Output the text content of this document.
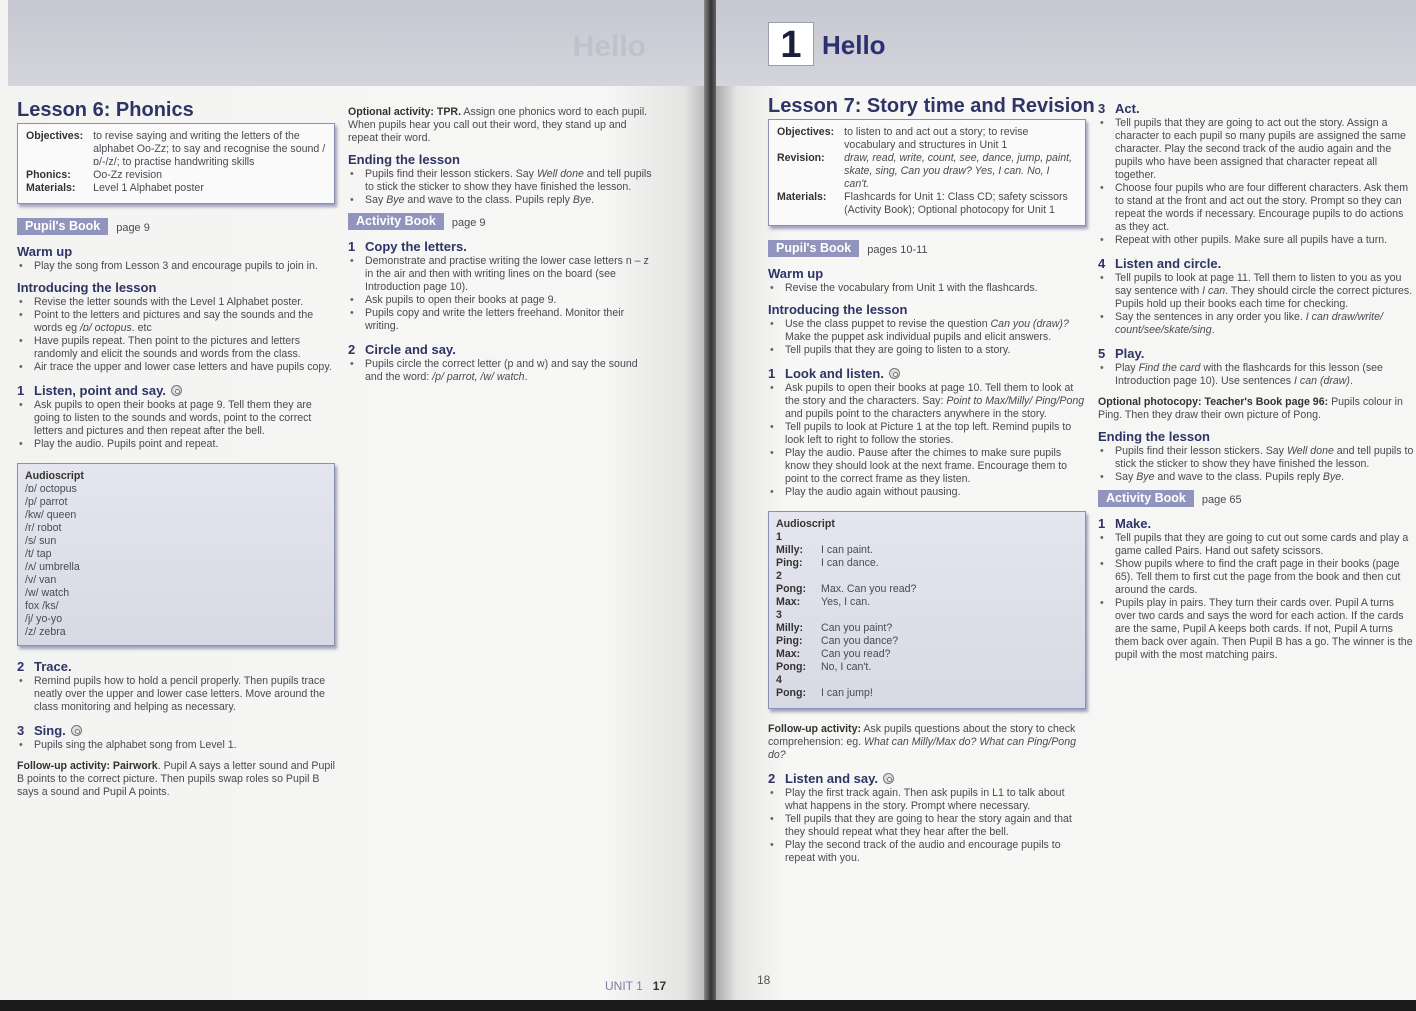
Hello
Lesson 6: Phonics
Objectives:	to revise saying and writing the letters of the alphabet Oo-Zz; to say and recognise the sound /ɒ/-/z/; to practise handwriting skills
Phonics:	Oo-Zz revision
Materials:	Level 1 Alphabet poster
Pupil's Book	page 9
Warm up
• Play the song from Lesson 3 and encourage pupils to join in.
Introducing the lesson
• Revise the letter sounds with the Level 1 Alphabet poster.
• Point to the letters and pictures and say the sounds and the words eg /ɒ/ octopus. etc
• Have pupils repeat. Then point to the pictures and letters randomly and elicit the sounds and words from the class.
• Air trace the upper and lower case letters and have pupils copy.
1 Listen, point and say.
• Ask pupils to open their books at page 9. Tell them they are going to listen to the sounds and words, point to the correct letters and pictures and then repeat after the bell.
• Play the audio. Pupils point and repeat.
Audioscript
/ɒ/ octopus
/p/ parrot
/kw/ queen
/r/ robot
/s/ sun
/t/ tap
/ʌ/ umbrella
/v/ van
/w/ watch
fox /ks/
/j/ yo-yo
/z/ zebra
2 Trace.
• Remind pupils how to hold a pencil properly. Then pupils trace neatly over the upper and lower case letters. Move around the class monitoring and helping as necessary.
3 Sing.
• Pupils sing the alphabet song from Level 1.
Follow-up activity: Pairwork. Pupil A says a letter sound and Pupil B points to the correct picture. Then pupils swap roles so Pupil B says a sound and Pupil A points.
Optional activity: TPR. Assign one phonics word to each pupil. When pupils hear you call out their word, they stand up and repeat their word.
Ending the lesson
• Pupils find their lesson stickers. Say Well done and tell pupils to stick the sticker to show they have finished the lesson.
• Say Bye and wave to the class. Pupils reply Bye.
Activity Book	page 9
1 Copy the letters.
• Demonstrate and practise writing the lower case letters n – z in the air and then with writing lines on the board (see Introduction page 10).
• Ask pupils to open their books at page 9.
• Pupils copy and write the letters freehand. Monitor their writing.
2 Circle and say.
• Pupils circle the correct letter (p and w) and say the sound and the word: /p/ parrot, /w/ watch.
UNIT 1 17
1 Hello
Lesson 7: Story time and Revision
Objectives:	to listen to and act out a story; to revise vocabulary and structures in Unit 1
Revision:	draw, read, write, count, see, dance, jump, paint, skate, sing, Can you draw? Yes, I can. No, I can't.
Materials:	Flashcards for Unit 1: Class CD; safety scissors (Activity Book); Optional photocopy for Unit 1
Pupil's Book	pages 10-11
Warm up
• Revise the vocabulary from Unit 1 with the flashcards.
Introducing the lesson
• Use the class puppet to revise the question Can you (draw)? Make the puppet ask individual pupils and elicit answers.
• Tell pupils that they are going to listen to a story.
1 Look and listen.
• Ask pupils to open their books at page 10. Tell them to look at the story and the characters. Say: Point to Max/Milly/ Ping/Pong and pupils point to the characters anywhere in the story.
• Tell pupils to look at Picture 1 at the top left. Remind pupils to look left to right to follow the stories.
• Play the audio. Pause after the chimes to make sure pupils know they should look at the next frame. Encourage them to point to the correct frame as they listen.
• Play the audio again without pausing.
Audioscript
1
Milly: I can paint.
Ping: I can dance.
2
Pong: Max. Can you read?
Max: Yes, I can.
3
Milly: Can you paint?
Ping: Can you dance?
Max: Can you read?
Pong: No, I can't.
4
Pong: I can jump!
Follow-up activity: Ask pupils questions about the story to check comprehension: eg. What can Milly/Max do? What can Ping/Pong do?
2 Listen and say.
• Play the first track again. Then ask pupils in L1 to talk about what happens in the story. Prompt where necessary.
• Tell pupils that they are going to hear the story again and that they should repeat what they hear after the bell.
• Play the second track of the audio and encourage pupils to repeat with you.
3 Act.
• Tell pupils that they are going to act out the story. Assign a character to each pupil so many pupils are assigned the same character. Play the second track of the audio again and the pupils who have been assigned that character repeat all together.
• Choose four pupils who are four different characters. Ask them to stand at the front and act out the story. Prompt so they can repeat the words if necessary. Encourage pupils to do actions as they act.
• Repeat with other pupils. Make sure all pupils have a turn.
4 Listen and circle.
• Tell pupils to look at page 11. Tell them to listen to you as you say sentence with I can. They should circle the correct pictures. Pupils hold up their books each time for checking.
• Say the sentences in any order you like. I can draw/write/ count/see/skate/sing.
5 Play.
• Play Find the card with the flashcards for this lesson (see Introduction page 10). Use sentences I can (draw).
Optional photocopy: Teacher's Book page 96: Pupils colour in Ping. Then they draw their own picture of Pong.
Ending the lesson
• Pupils find their lesson stickers. Say Well done and tell pupils to stick the sticker to show they have finished the lesson.
• Say Bye and wave to the class. Pupils reply Bye.
Activity Book	page 65
1 Make.
• Tell pupils that they are going to cut out some cards and play a game called Pairs. Hand out safety scissors.
• Show pupils where to find the craft page in their books (page 65). Tell them to first cut the page from the book and then cut around the cards.
• Pupils play in pairs. They turn their cards over. Pupil A turns over two cards and says the word for each action. If the cards are the same, Pupil A keeps both cards. If not, Pupil A turns them back over again. Then Pupil B has a go. The winner is the pupil with the most matching pairs.
18
